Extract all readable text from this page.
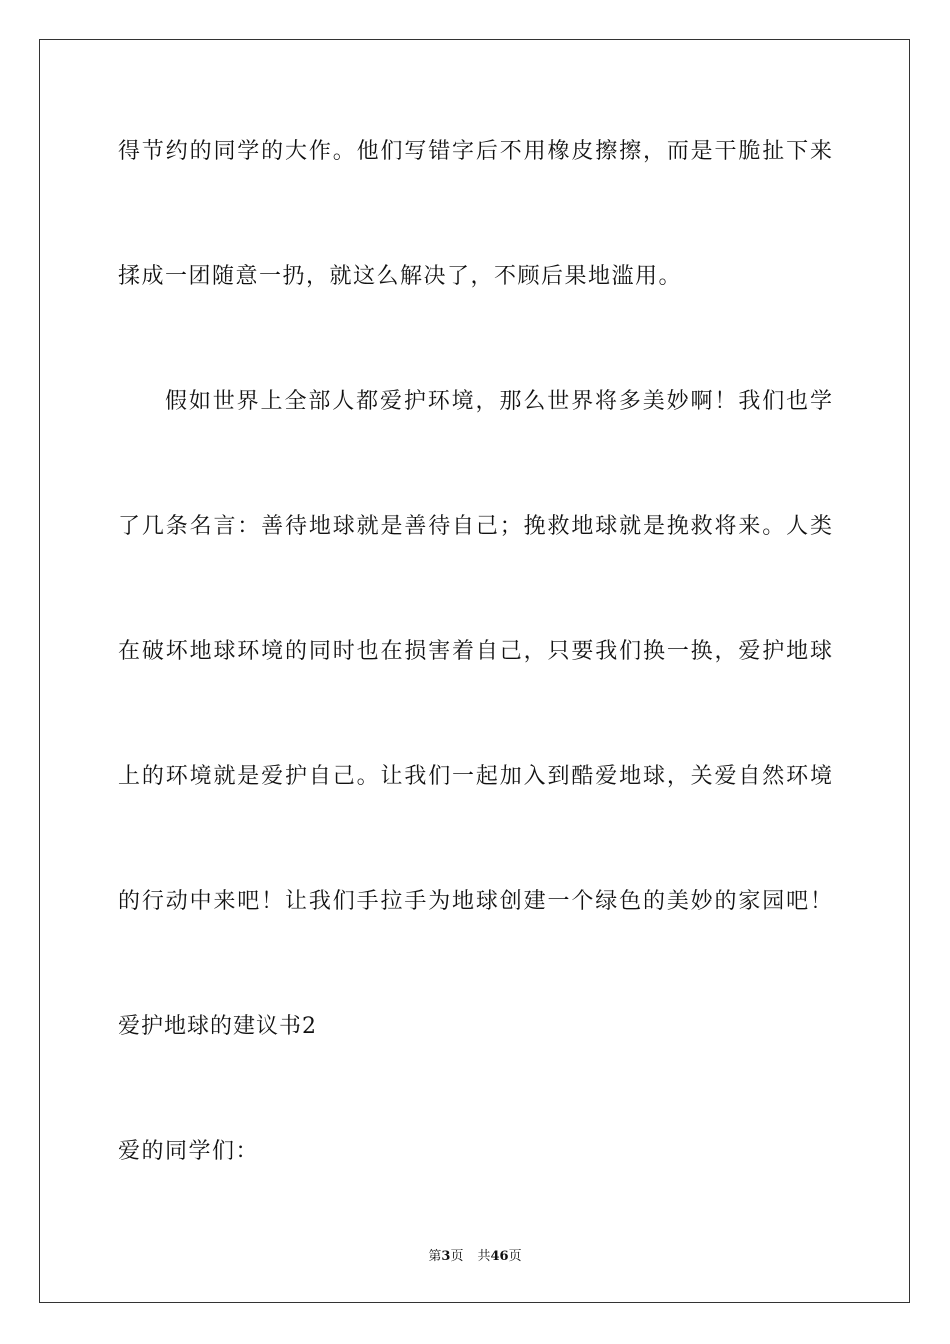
得节约的同学的大作。他们写错字后不用橡皮擦擦，而是干脆扯下来
揉成一团随意一扔，就这么解决了，不顾后果地滥用。
假如世界上全部人都爱护环境，那么世界将多美妙啊！我们也学
了几条名言：善待地球就是善待自己；挽救地球就是挽救将来。人类
在破坏地球环境的同时也在损害着自己，只要我们换一换，爱护地球
上的环境就是爱护自己。让我们一起加入到酷爱地球，关爱自然环境
的行动中来吧！让我们手拉手为地球创建一个绿色的美妙的家园吧！
爱护地球的建议书2
爱的同学们：
第3页 共46页
